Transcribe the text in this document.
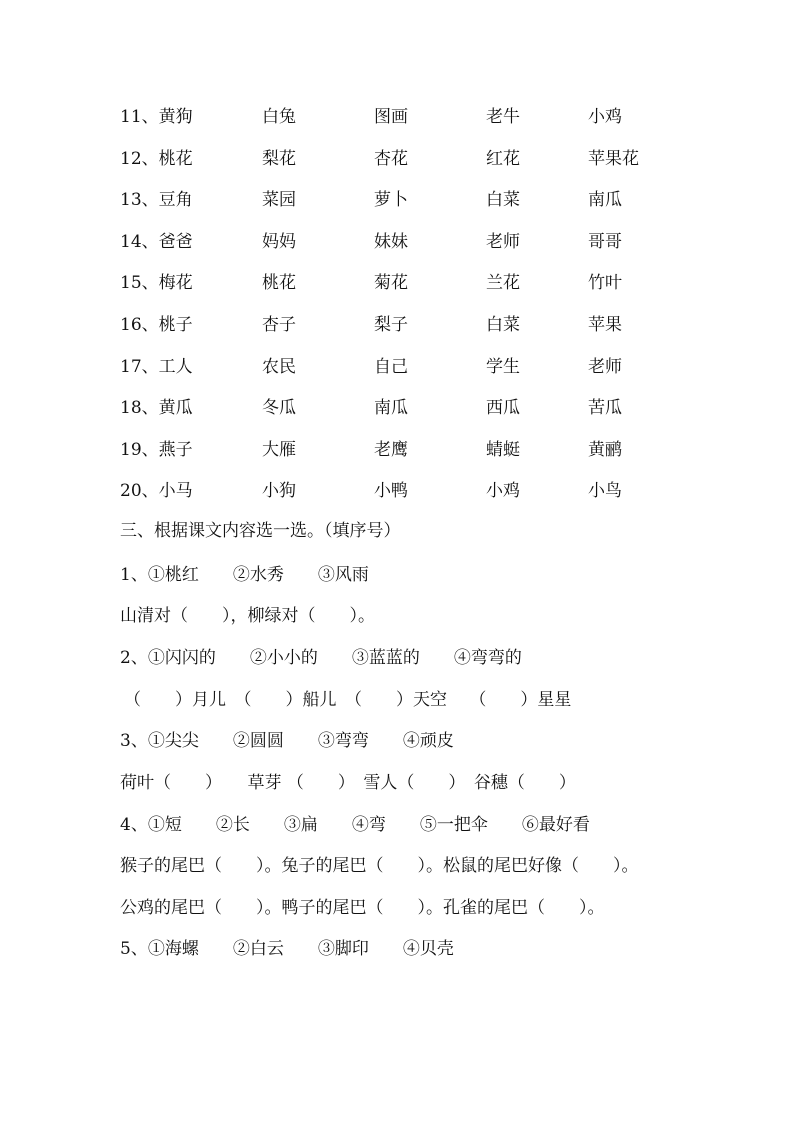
11、黄狗	白兔	图画	老牛	小鸡
12、桃花	梨花	杏花	红花	苹果花
13、豆角	菜园	萝卜	白菜	南瓜
14、爸爸	妈妈	妹妹	老师	哥哥
15、梅花	桃花	菊花	兰花	竹叶
16、桃子	杏子	梨子	白菜	苹果
17、工人	农民	自己	学生	老师
18、黄瓜	冬瓜	南瓜	西瓜	苦瓜
19、燕子	大雁	老鹰	蜻蜓	黄鹂
20、小马	小狗	小鸭	小鸡	小鸟
三、根据课文内容选一选。（填序号）
1、①桃红　　②水秀　　③风雨
山清对（　　），柳绿对（　　）。
2、①闪闪的　　②小小的　　③蓝蓝的　　④弯弯的
（　　）月儿　（　　）船儿　（　　）天空　 （　　）星星
3、①尖尖　　②圆圆　　③弯弯　　④顽皮
荷叶（　　）　　草芽 （　　）　雪人（　　）　谷穗（　　）
4、①短　　②长　　③扁　　④弯　　⑤一把伞　　⑥最好看
猴子的尾巴（　　）。兔子的尾巴（　　）。松鼠的尾巴好像（　　）。
公鸡的尾巴（　　）。鸭子的尾巴（　　）。孔雀的尾巴（　　）。
5、①海螺　　②白云　　③脚印　　④贝壳
